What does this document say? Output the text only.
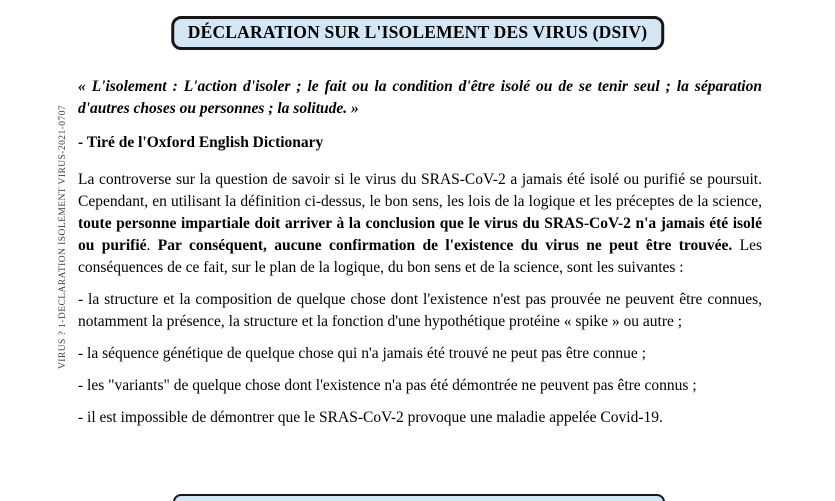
DÉCLARATION SUR L'ISOLEMENT DES VIRUS (DSIV)
VIRUS ? 1-DECLARATION ISOLEMENT VIRUS-2021-0707

« L'isolement : L'action d'isoler ; le fait ou la condition d'être isolé ou de se tenir seul ; la séparation d'autres choses ou personnes ; la solitude. »

- Tiré de l'Oxford English Dictionary

La controverse sur la question de savoir si le virus du SRAS-CoV-2 a jamais été isolé ou purifié se poursuit. Cependant, en utilisant la définition ci-dessus, le bon sens, les lois de la logique et les préceptes de la science, toute personne impartiale doit arriver à la conclusion que le virus du SRAS-CoV-2 n'a jamais été isolé ou purifié. Par conséquent, aucune confirmation de l'existence du virus ne peut être trouvée. Les conséquences de ce fait, sur le plan de la logique, du bon sens et de la science, sont les suivantes :

- la structure et la composition de quelque chose dont l'existence n'est pas prouvée ne peuvent être connues, notamment la présence, la structure et la fonction d'une hypothétique protéine « spike » ou autre ;

- la séquence génétique de quelque chose qui n'a jamais été trouvé ne peut pas être connue ;

- les "variants" de quelque chose dont l'existence n'a pas été démontrée ne peuvent pas être connus ;

- il est impossible de démontrer que le SRAS-CoV-2 provoque une maladie appelée Covid-19.
